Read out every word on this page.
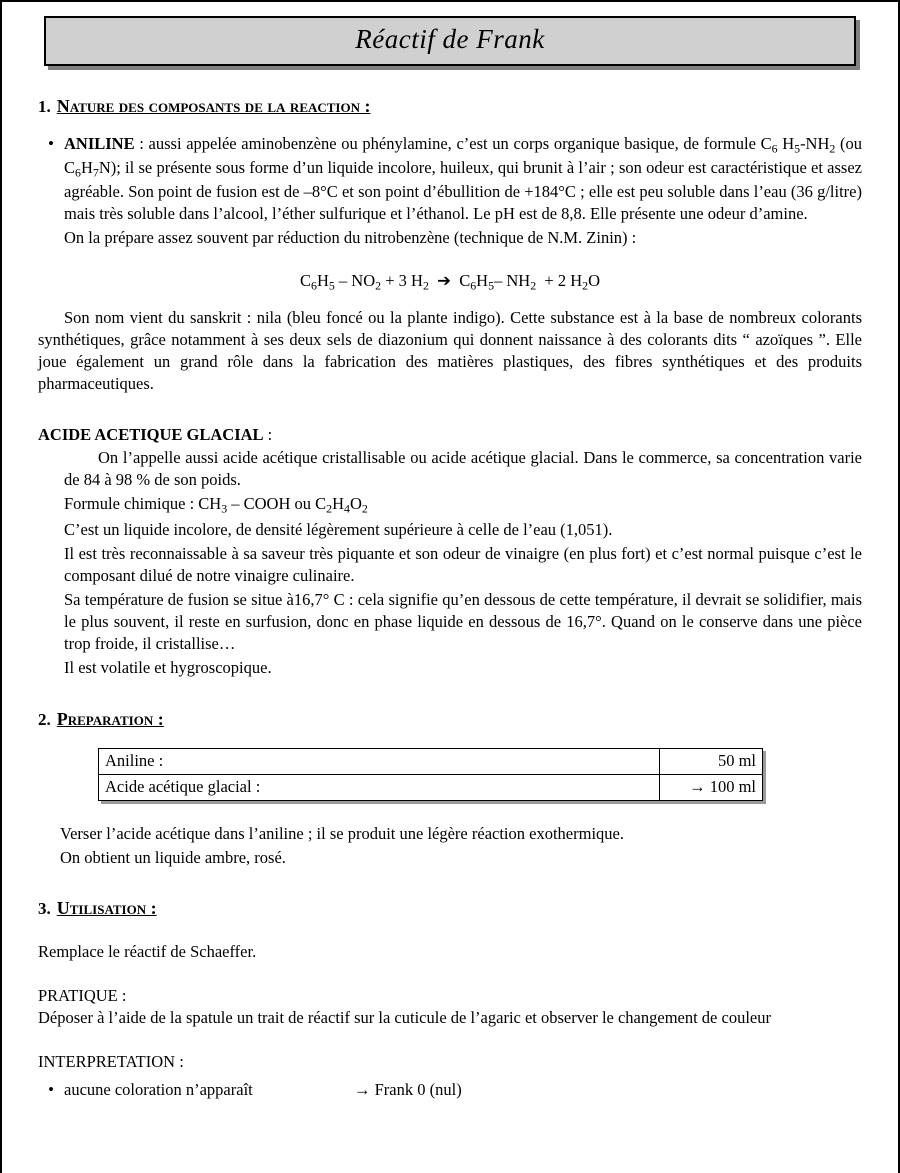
Réactif de Frank
1. Nature des composants de la reaction :
• ANILINE : aussi appelée aminobenzène ou phénylamine, c’est un corps organique basique, de formule $C_6$ $H_5-NH_2$ (ou $C_6H_7N$); il se présente sous forme d’un liquide incolore, huileux, qui brunit à l’air ; son odeur est caractéristique et assez agréable. Son point de fusion est de –8°C et son point d’ébullition de +184°C ; elle est peu soluble dans l’eau (36 g/litre) mais très soluble dans l’alcool, l’éther sulfurique et l’éthanol. Le pH est de 8,8. Elle présente une odeur d’amine.
On la prépare assez souvent par réduction du nitrobenzène (technique de N.M. Zinin) :
$C_6H_5 - NO_2 + 3$ $H_2$ ➔  $C_6H_5-$ $NH_2 + 2$ $H_2O$
Son nom vient du sanskrit : nila (bleu foncé ou la plante indigo). Cette substance est à la base de nombreux colorants synthétiques, grâce notamment à ses deux sels de diazonium qui donnent naissance à des colorants dits “ azoïques ”. Elle joue également un grand rôle dans la fabrication des matières plastiques, des fibres synthétiques et des produits pharmaceutiques.
ACIDE ACETIQUE GLACIAL :
On l’appelle aussi acide acétique cristallisable ou acide acétique glacial. Dans le commerce, sa concentration varie de 84 à 98 % de son poids.
Formule chimique : $CH_3$ – COOH ou $C_2H_4O_2$
C’est un liquide incolore, de densité légèrement supérieure à celle de l’eau (1,051).
Il est très reconnaissable à sa saveur très piquante et son odeur de vinaigre (en plus fort) et c’est normal puisque c’est le composant dilué de notre vinaigre culinaire.
Sa température de fusion se situe à16,7° C : cela signifie qu’en dessous de cette température, il devrait se solidifier, mais le plus souvent, il reste en surfusion, donc en phase liquide en dessous de 16,7°. Quand on le conserve dans une pièce trop froide, il cristallise…
Il est volatile et hygroscopique.
2. Preparation :
Aniline :	50 ml
Acide acétique glacial :	→ 100 ml
Verser l’acide acétique dans l’aniline ; il se produit une légère réaction exothermique.
On obtient un liquide ambre, rosé.
3. Utilisation :
Remplace le réactif de Schaeffer.
PRATIQUE :
Déposer à l’aide de la spatule un trait de réactif sur la cuticule de l’agaric et observer le changement de couleur
INTERPRETATION :
• aucune coloration n’apparaît	→ Frank 0 (nul)
